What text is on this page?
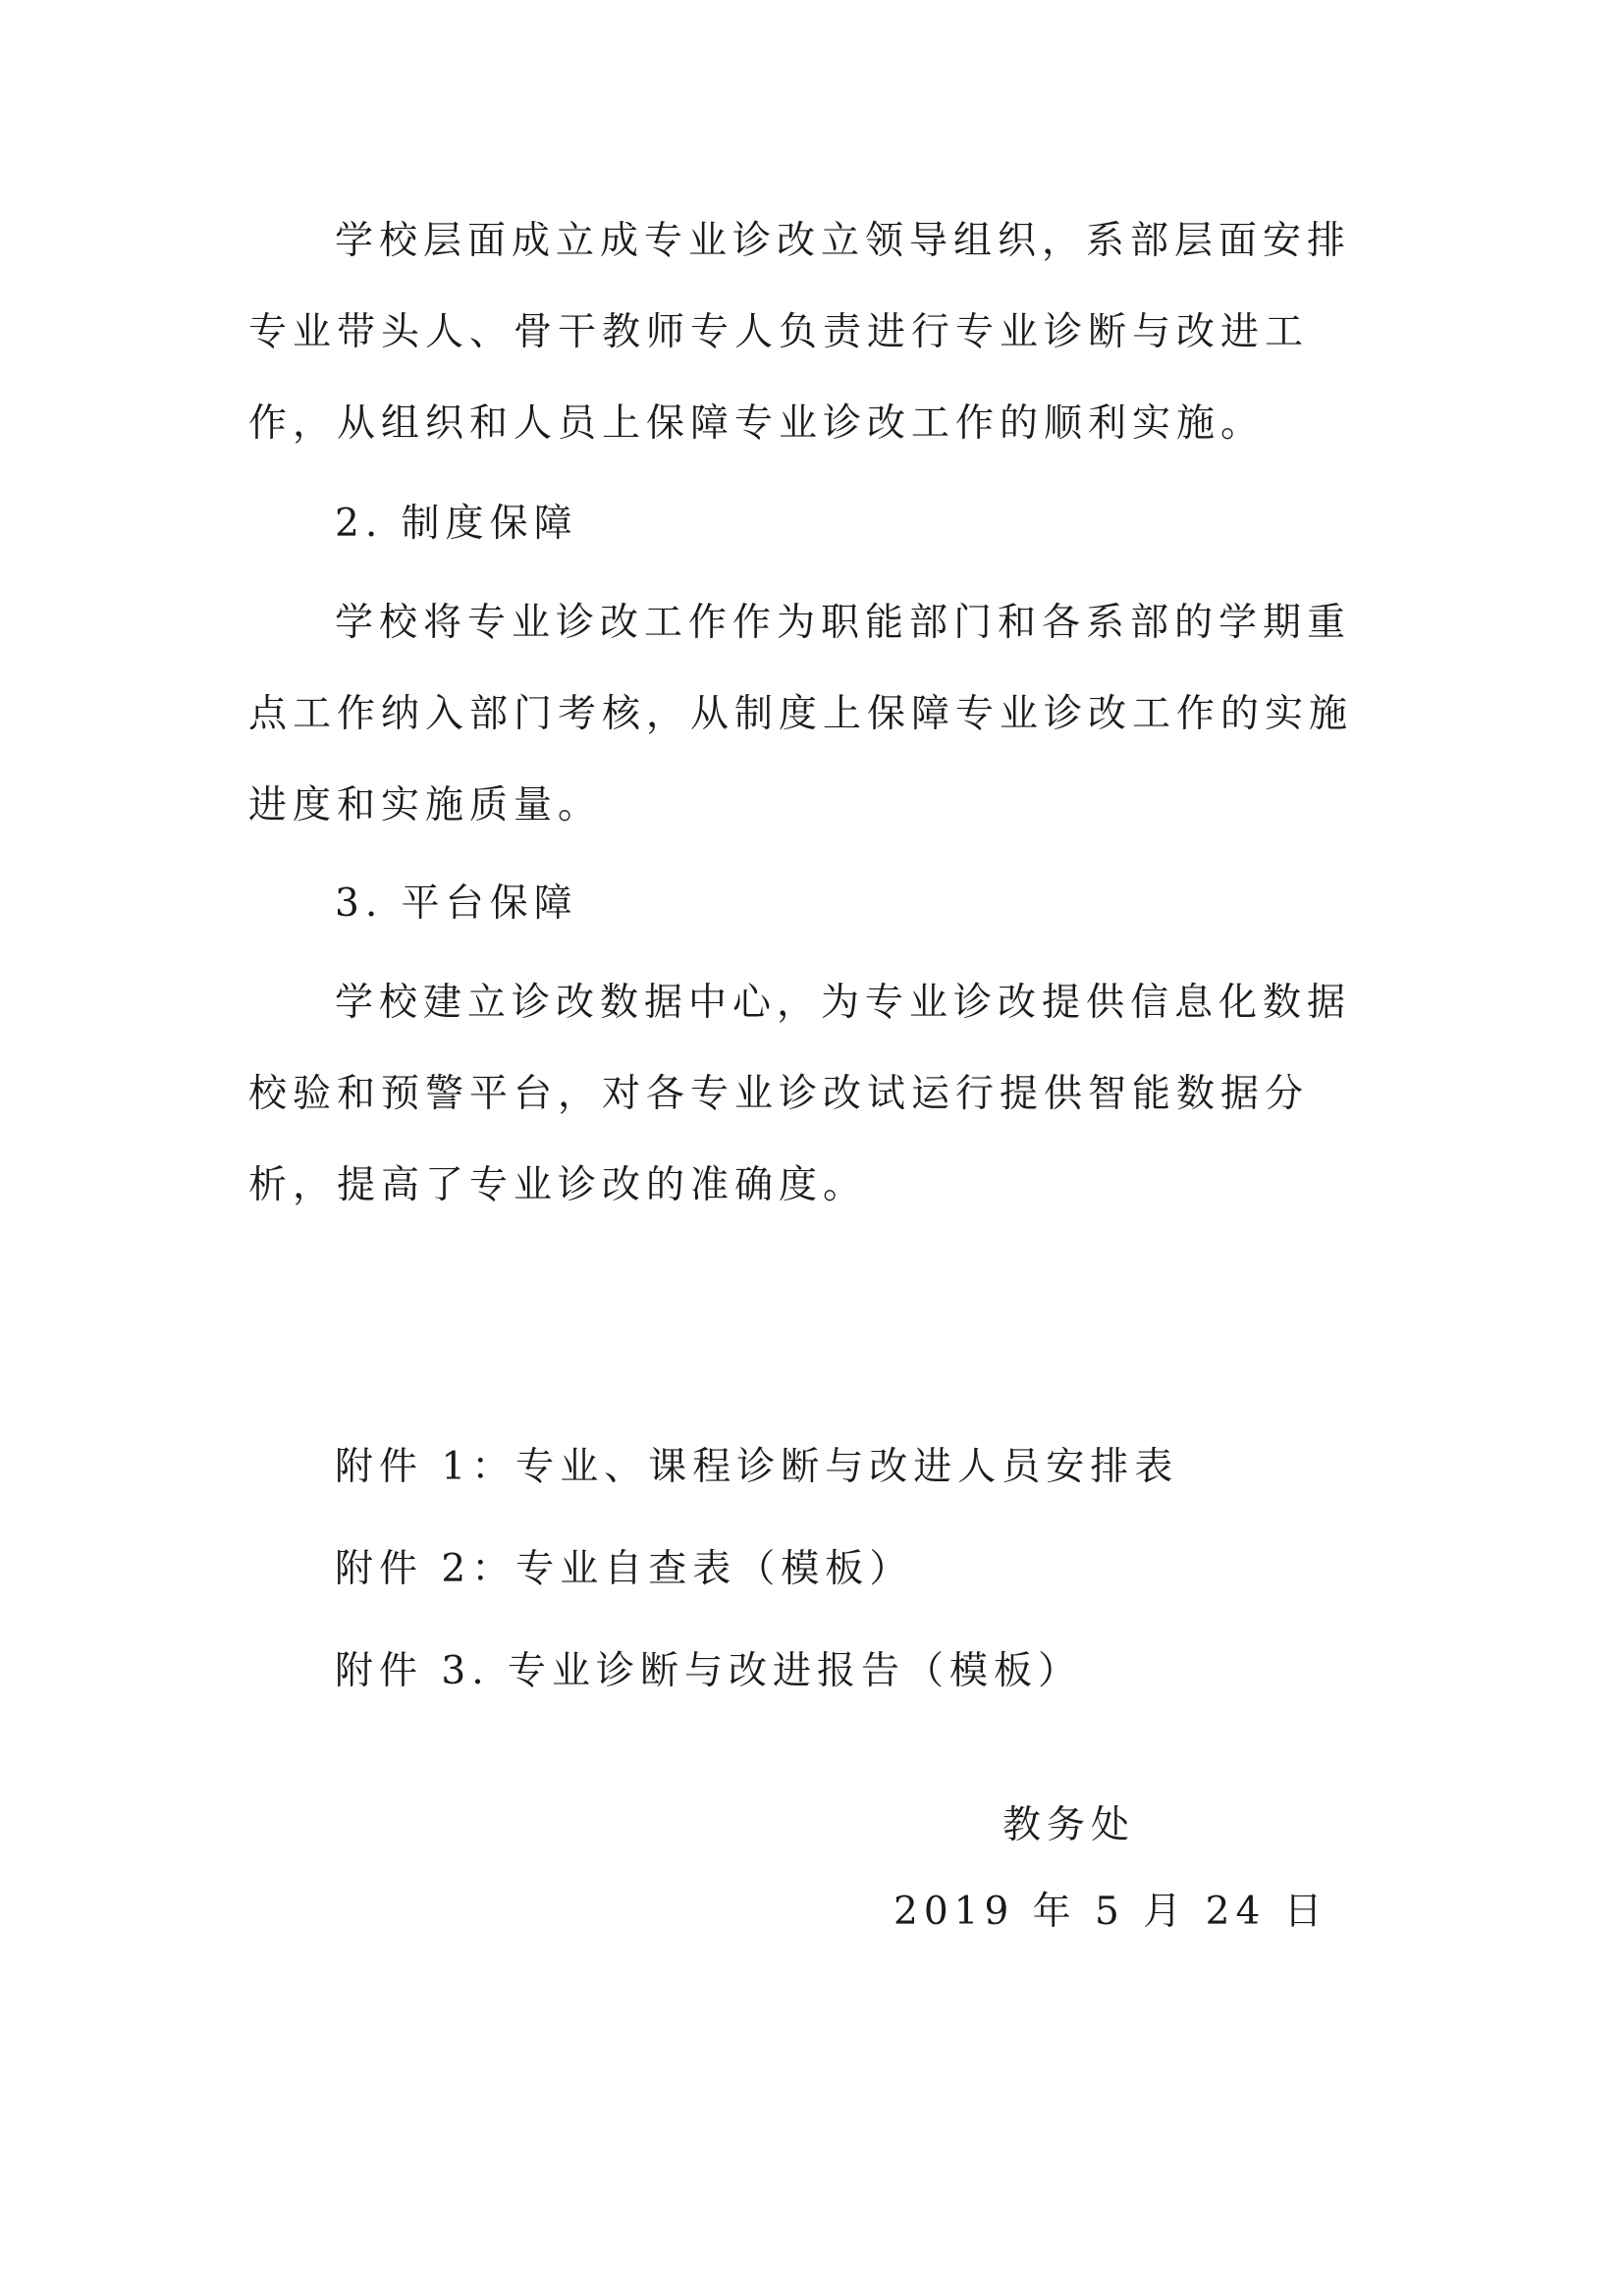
学校层面成立成专业诊改立领导组织，系部层面安排专业带头人、骨干教师专人负责进行专业诊断与改进工作，从组织和人员上保障专业诊改工作的顺利实施。

2. 制度保障

学校将专业诊改工作作为职能部门和各系部的学期重点工作纳入部门考核，从制度上保障专业诊改工作的实施进度和实施质量。

3. 平台保障

学校建立诊改数据中心，为专业诊改提供信息化数据校验和预警平台，对各专业诊改试运行提供智能数据分析，提高了专业诊改的准确度。

附件 1：专业、课程诊断与改进人员安排表

附件 2：专业自查表（模板）

附件 3. 专业诊断与改进报告（模板）

教务处

2019 年 5 月 24 日
